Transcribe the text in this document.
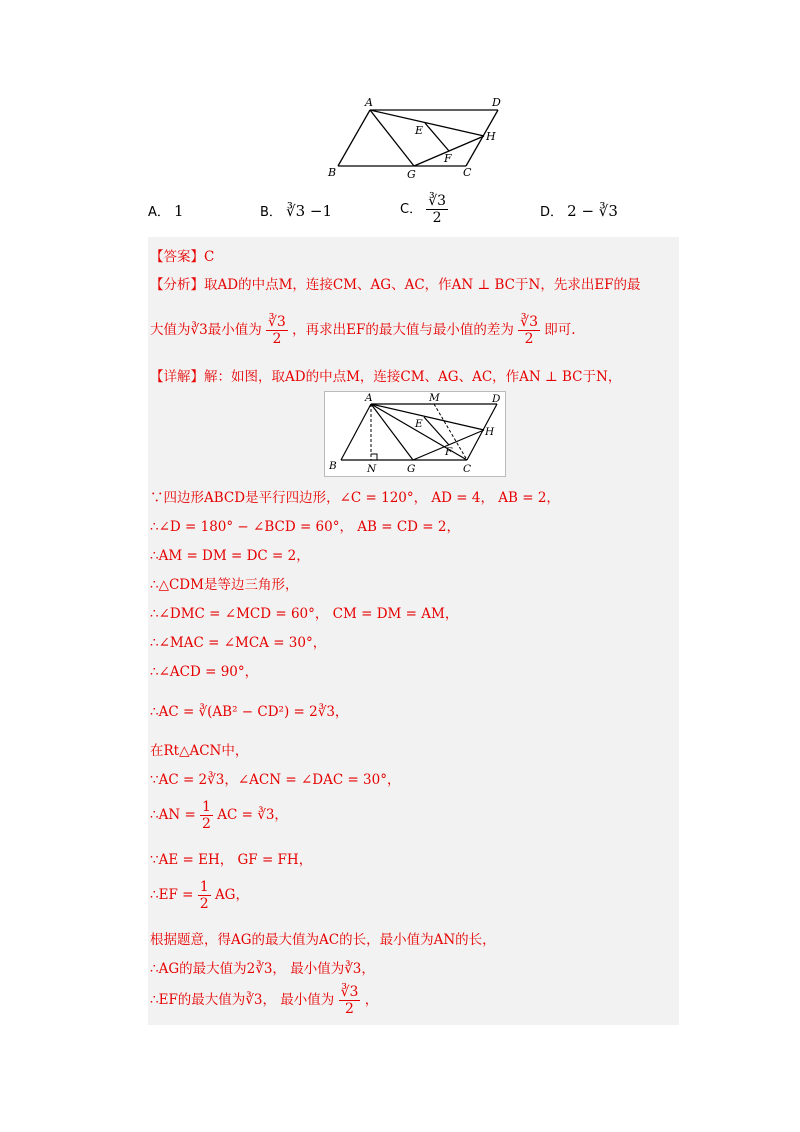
A	D
B	C
E	H
F
G
A． 1	B． ∛3 −1	C． $\frac{∛3}{2}$	D． 2 − ∛3
【答案】C
【分析】取AD的中点M，连接CM、AG、AC，作AN ⊥ BC于N，先求出EF的最
大值为∛3最小值为 $\frac{∛3}{2}$ ，再求出EF的最大值与最小值的差为 $\frac{∛3}{2}$ 即可.
【详解】解：如图，取AD的中点M，连接CM、AG、AC，作AN ⊥ BC于N，
A	M	D
E
H
F
B	N	G	C
∵四边形ABCD是平行四边形，∠C = 120°， AD = 4， AB = 2，
∴∠D = 180° − ∠BCD = 60°， AB = CD = 2，
∴AM = DM = DC = 2，
∴△CDM是等边三角形，
∴∠DMC = ∠MCD = 60°， CM = DM = AM，
∴∠MAC = ∠MCA = 30°，
∴∠ACD = 90°，
∴AC = ∛(AB² − CD²) = 2∛3，
在Rt△ACN中，
∵AC = 2∛3，∠ACN = ∠DAC = 30°，
∴AN = $\frac{1}{2}$ AC = ∛3，
∵AE = EH， GF = FH，
∴EF = $\frac{1}{2}$ AG，
根据题意，得AG的最大值为AC的长，最小值为AN的长，
∴AG的最大值为2∛3， 最小值为∛3，
∴EF的最大值为∛3， 最小值为 $\frac{∛3}{2}$ ，
